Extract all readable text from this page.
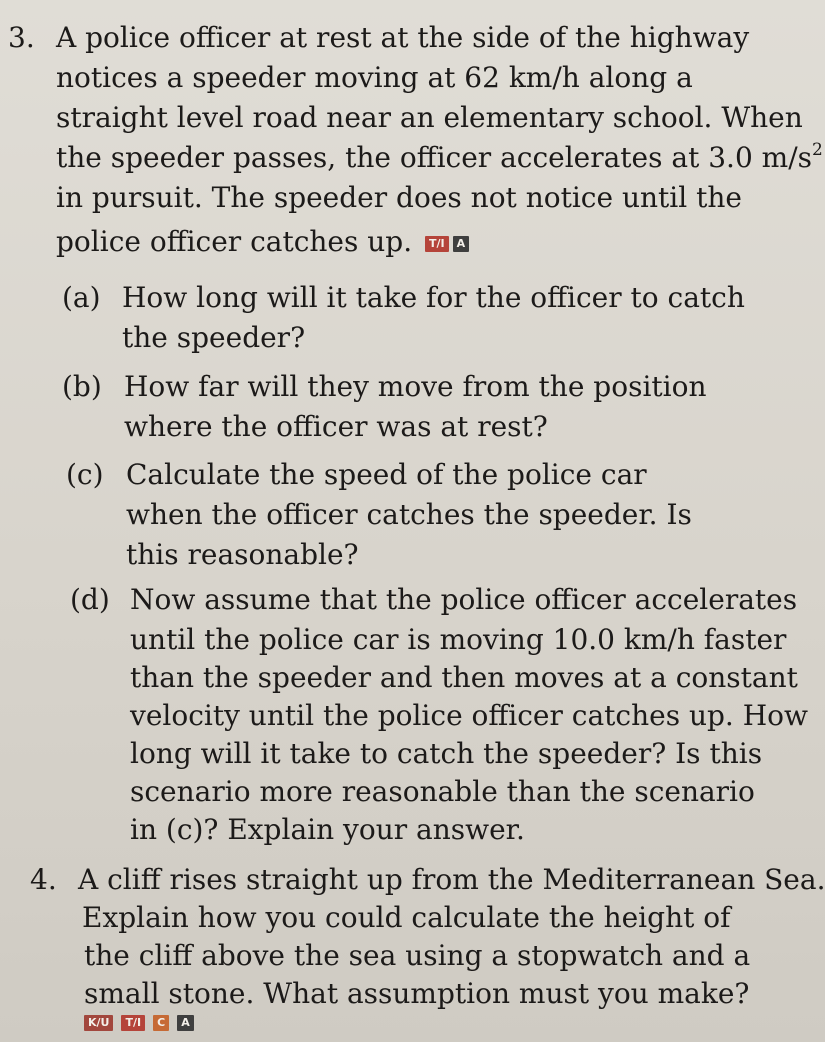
3. A police officer at rest at the side of the highway
notices a speeder moving at 62 km/h along a
straight level road near an elementary school. When
the speeder passes, the officer accelerates at 3.0 $m/s^2$
in pursuit. The speeder does not notice until the
police officer catches up. T/I A
(a) How long will it take for the officer to catch
the speeder?
(b) How far will they move from the position
where the officer was at rest?
(c) Calculate the speed of the police car
when the officer catches the speeder. Is
this reasonable?
(d) Now assume that the police officer accelerates
until the police car is moving 10.0 km/h faster
than the speeder and then moves at a constant
velocity until the police officer catches up. How
long will it take to catch the speeder? Is this
scenario more reasonable than the scenario
in (c)? Explain your answer.
4. A cliff rises straight up from the Mediterranean Sea.
Explain how you could calculate the height of
the cliff above the sea using a stopwatch and a
small stone. What assumption must you make?
K/U T/I C A
